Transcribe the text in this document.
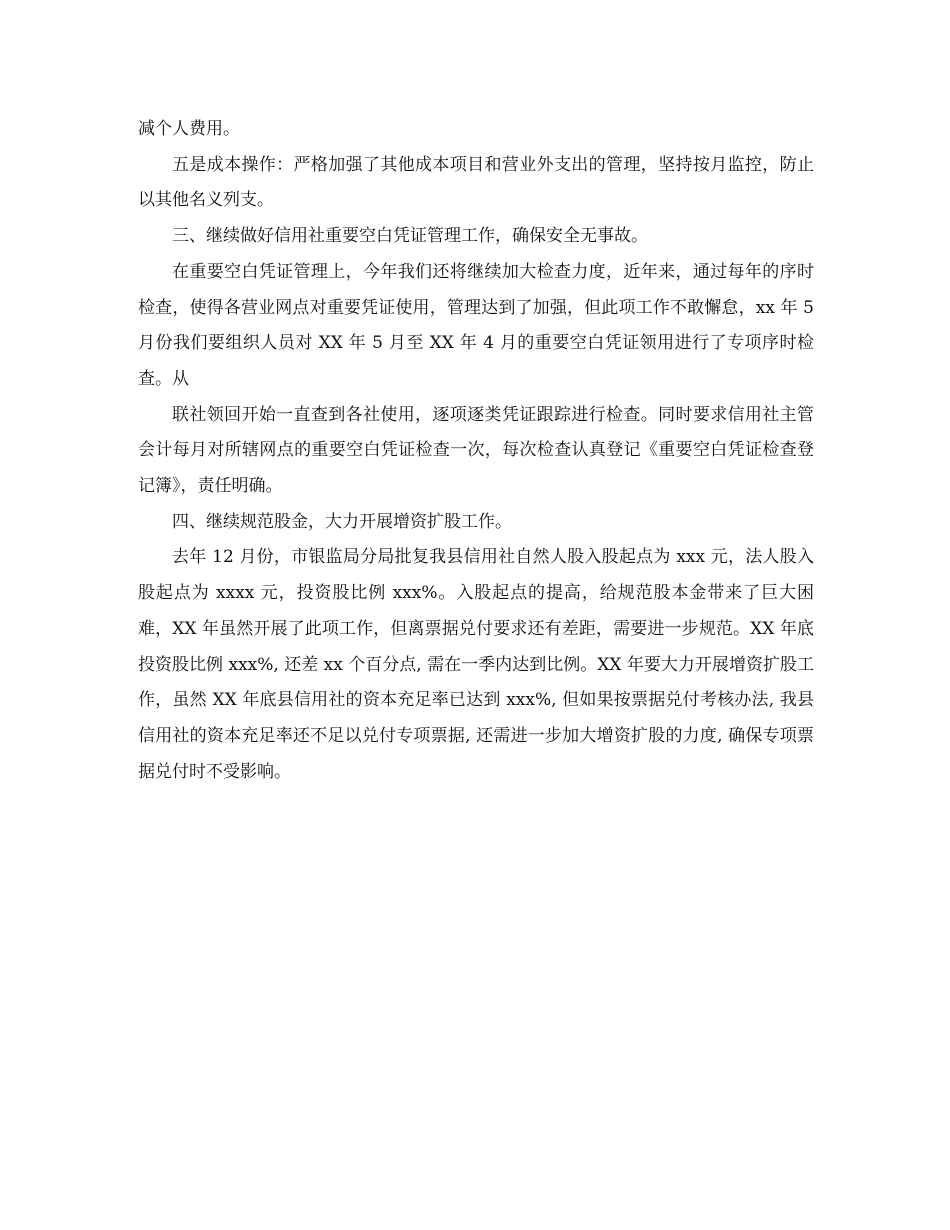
减个人费用。

五是成本操作：严格加强了其他成本项目和营业外支出的管理，坚持按月监控，防止以其他名义列支。

三、继续做好信用社重要空白凭证管理工作，确保安全无事故。

在重要空白凭证管理上，今年我们还将继续加大检查力度，近年来，通过每年的序时检查，使得各营业网点对重要凭证使用，管理达到了加强，但此项工作不敢懈怠，xx 年 5 月份我们要组织人员对 XX 年 5 月至 XX 年 4 月的重要空白凭证领用进行了专项序时检查。从

联社领回开始一直查到各社使用，逐项逐类凭证跟踪进行检查。同时要求信用社主管会计每月对所辖网点的重要空白凭证检查一次，每次检查认真登记《重要空白凭证检查登记簿》，责任明确。

四、继续规范股金，大力开展增资扩股工作。

去年 12 月份，市银监局分局批复我县信用社自然人股入股起点为 xxx 元，法人股入股起点为 xxxx 元，投资股比例 xxx%。入股起点的提高，给规范股本金带来了巨大困难，XX 年虽然开展了此项工作，但离票据兑付要求还有差距，需要进一步规范。XX 年底投资股比例 xxx%, 还差 xx 个百分点, 需在一季内达到比例。XX 年要大力开展增资扩股工作，虽然 XX 年底县信用社的资本充足率已达到 xxx%, 但如果按票据兑付考核办法, 我县信用社的资本充足率还不足以兑付专项票据, 还需进一步加大增资扩股的力度, 确保专项票据兑付时不受影响。
